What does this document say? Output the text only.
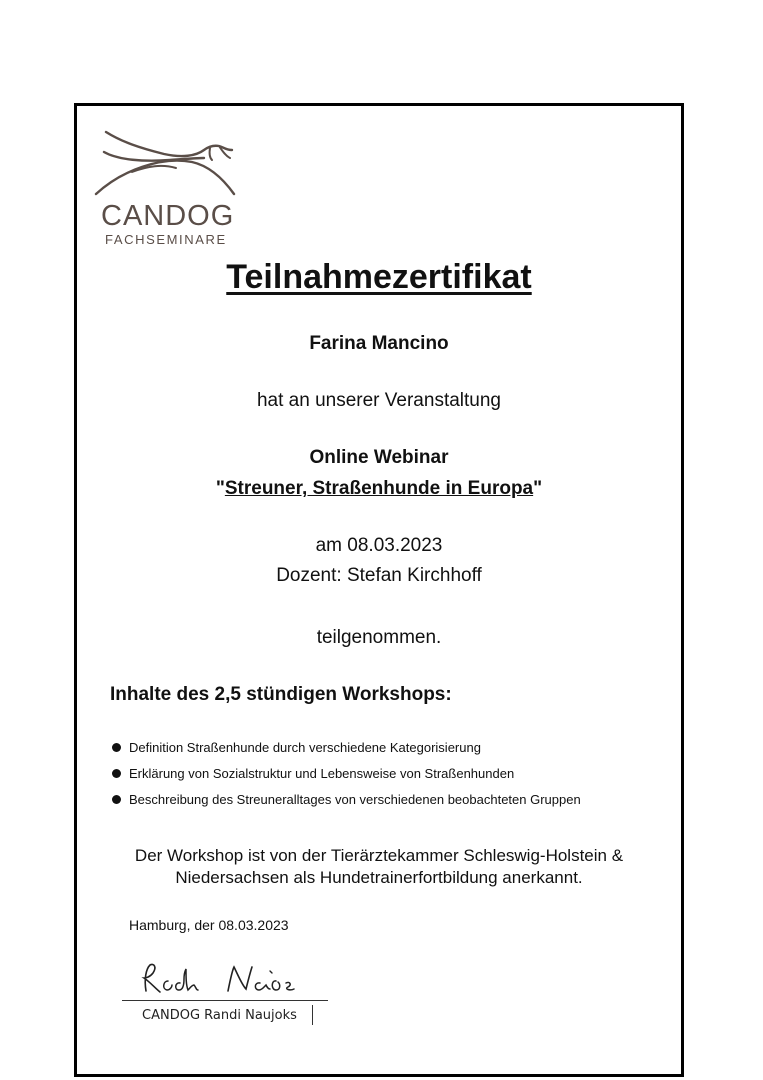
CANDOG
FACHSEMINARE
Teilnahmezertifikat
Farina Mancino
hat an unserer Veranstaltung
Online Webinar
"Streuner, Straßenhunde in Europa"
am 08.03.2023
Dozent: Stefan Kirchhoff
teilgenommen.
Inhalte des 2,5 stündigen Workshops:
Definition Straßenhunde durch verschiedene Kategorisierung
Erklärung von Sozialstruktur und Lebensweise von Straßenhunden
Beschreibung des Streuneralltages von verschiedenen beobachteten Gruppen
Der Workshop ist von der Tierärztekammer Schleswig-Holstein &
Niedersachsen als Hundetrainerfortbildung anerkannt.
Hamburg, der 08.03.2023
CANDOG Randi Naujoks
